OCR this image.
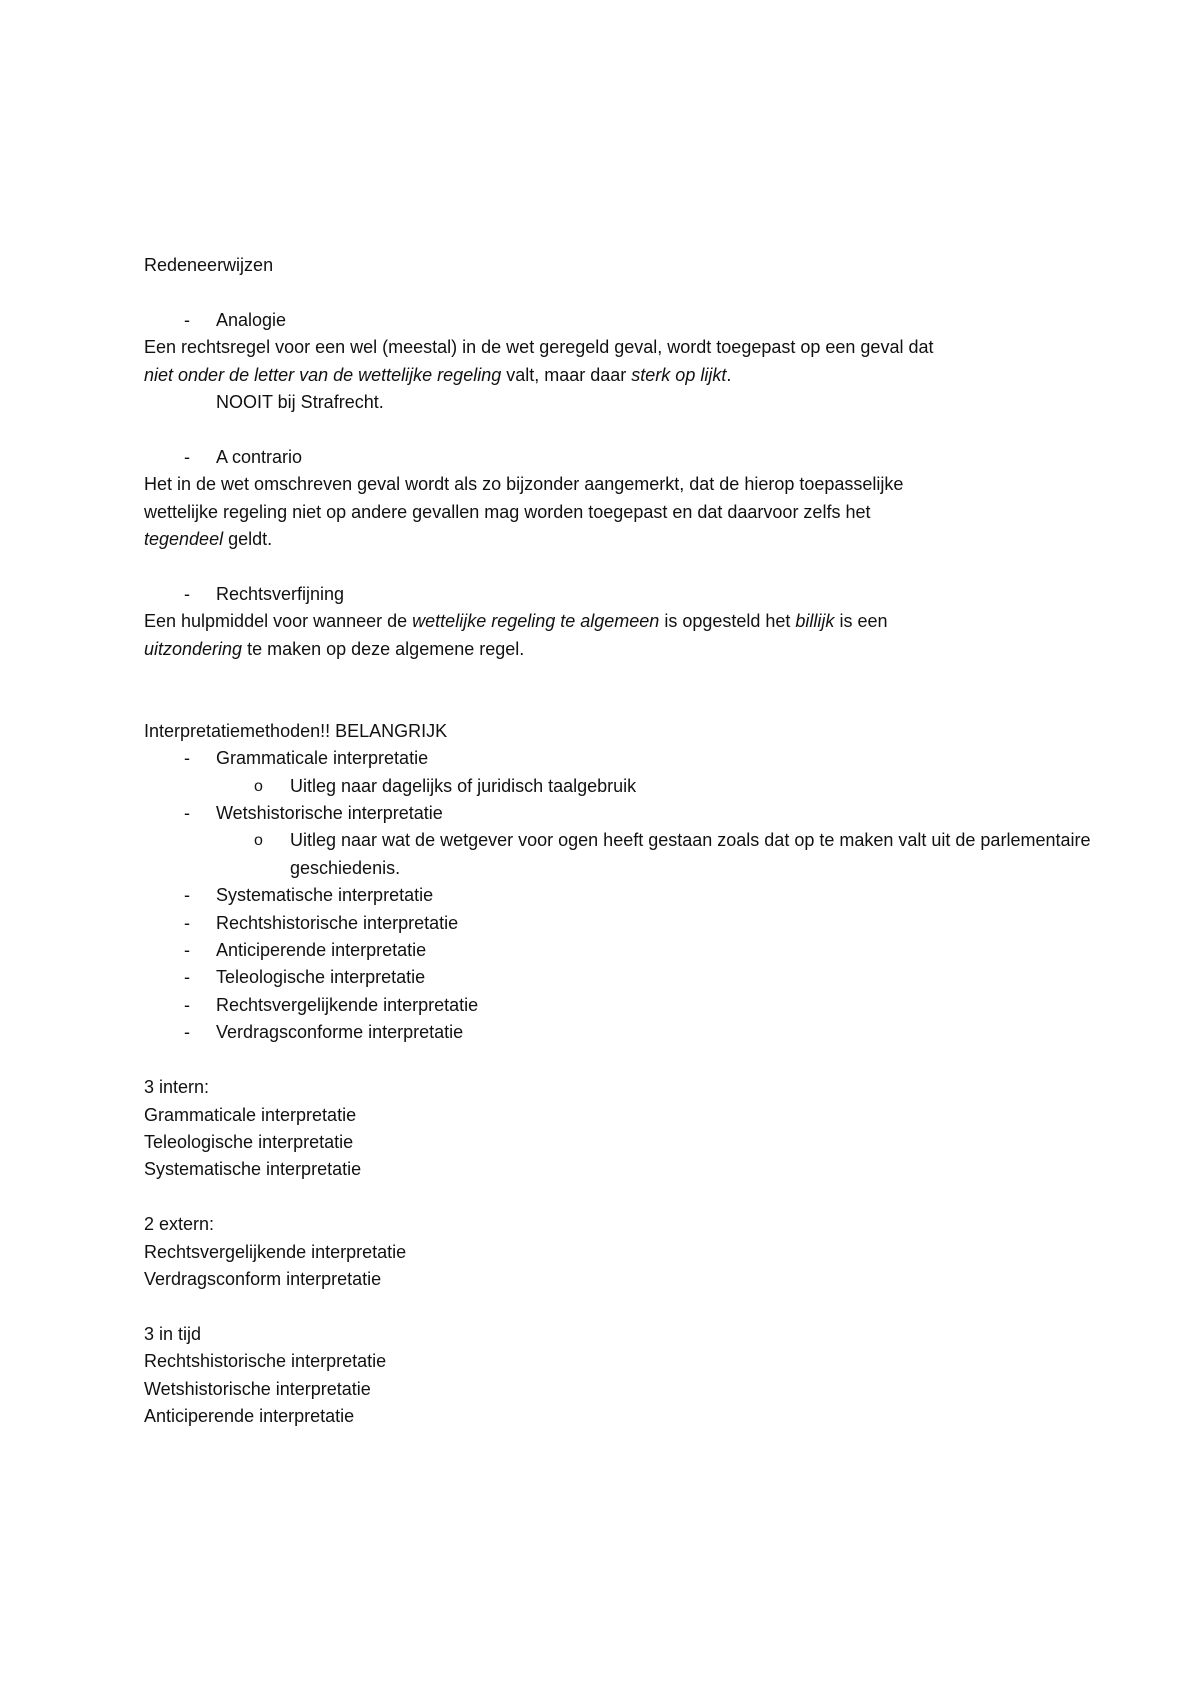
Redeneerwijzen
- Analogie
Een rechtsregel voor een wel (meestal) in de wet geregeld geval, wordt toegepast op een geval dat
niet onder de letter van de wettelijke regeling valt, maar daar sterk op lijkt.
NOOIT bij Strafrecht.
- A contrario
Het in de wet omschreven geval wordt als zo bijzonder aangemerkt, dat de hierop toepasselijke
wettelijke regeling niet op andere gevallen mag worden toegepast en dat daarvoor zelfs het
tegendeel geldt.
- Rechtsverfijning
Een hulpmiddel voor wanneer de wettelijke regeling te algemeen is opgesteld het billijk is een
uitzondering te maken op deze algemene regel.
Interpretatiemethoden!! BELANGRIJK
- Grammaticale interpretatie
o Uitleg naar dagelijks of juridisch taalgebruik
- Wetshistorische interpretatie
o Uitleg naar wat de wetgever voor ogen heeft gestaan zoals dat op te maken valt uit de parlementaire geschiedenis.
- Systematische interpretatie
- Rechtshistorische interpretatie
- Anticiperende interpretatie
- Teleologische interpretatie
- Rechtsvergelijkende interpretatie
- Verdragsconforme interpretatie
3 intern:
Grammaticale interpretatie
Teleologische interpretatie
Systematische interpretatie
2 extern:
Rechtsvergelijkende interpretatie
Verdragsconform interpretatie
3 in tijd
Rechtshistorische interpretatie
Wetshistorische interpretatie
Anticiperende interpretatie
